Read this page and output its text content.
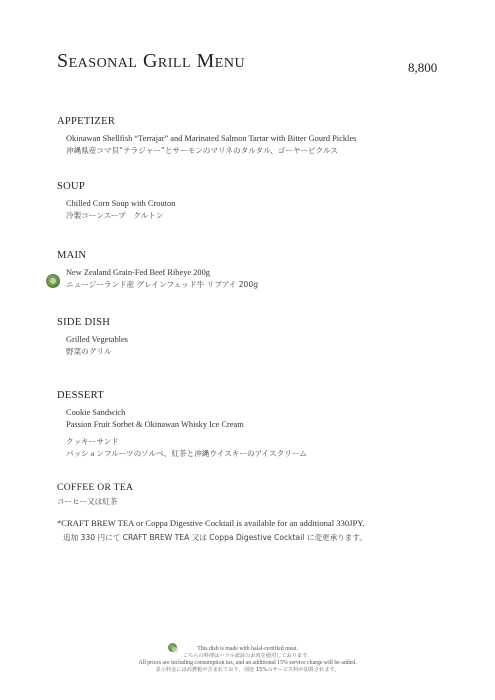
Seasonal Grill Menu	8,800
APPETIZER
Okinawan Shellfish “Terrajar” and Marinated Salmon Tartar with Bitter Gourd Pickles
沖縄県産コマ貝“テラジャー”とサーモンのマリネのタルタル、ゴーヤーピクルス
SOUP
Chilled Corn Soup with Crouton
冷製コーンスープ　クルトン
MAIN
New Zealand Grain-Fed Beef Ribeye 200g
ニュージーランド産 グレインフェッド牛 リブアイ 200g
SIDE DISH
Grilled Vegetables
野菜のグリル
DESSERT
Cookie Sandwich
Passion Fruit Sorbet & Okinawan Whisky Ice Cream
クッキーサンド
パッションフルーツのソルベ、紅茶と沖縄ウイスキーのアイスクリーム
COFFEE OR TEA
コーヒー又は紅茶
*CRAFT BREW TEA or Coppa Digestive Cocktail is available for an additional 330JPY.
追加 330 円にて CRAFT BREW TEA 又は Coppa Digestive Cocktail に変更承ります。
This dish is made with halal-certified meat.
こちらの料理はハラル認証のお肉を使用しております。
All prices are including consumption tax, and an additional 15% service charge will be added.
表示料金には消費税が含まれており、別途 15%のサービス料が加算されます。
